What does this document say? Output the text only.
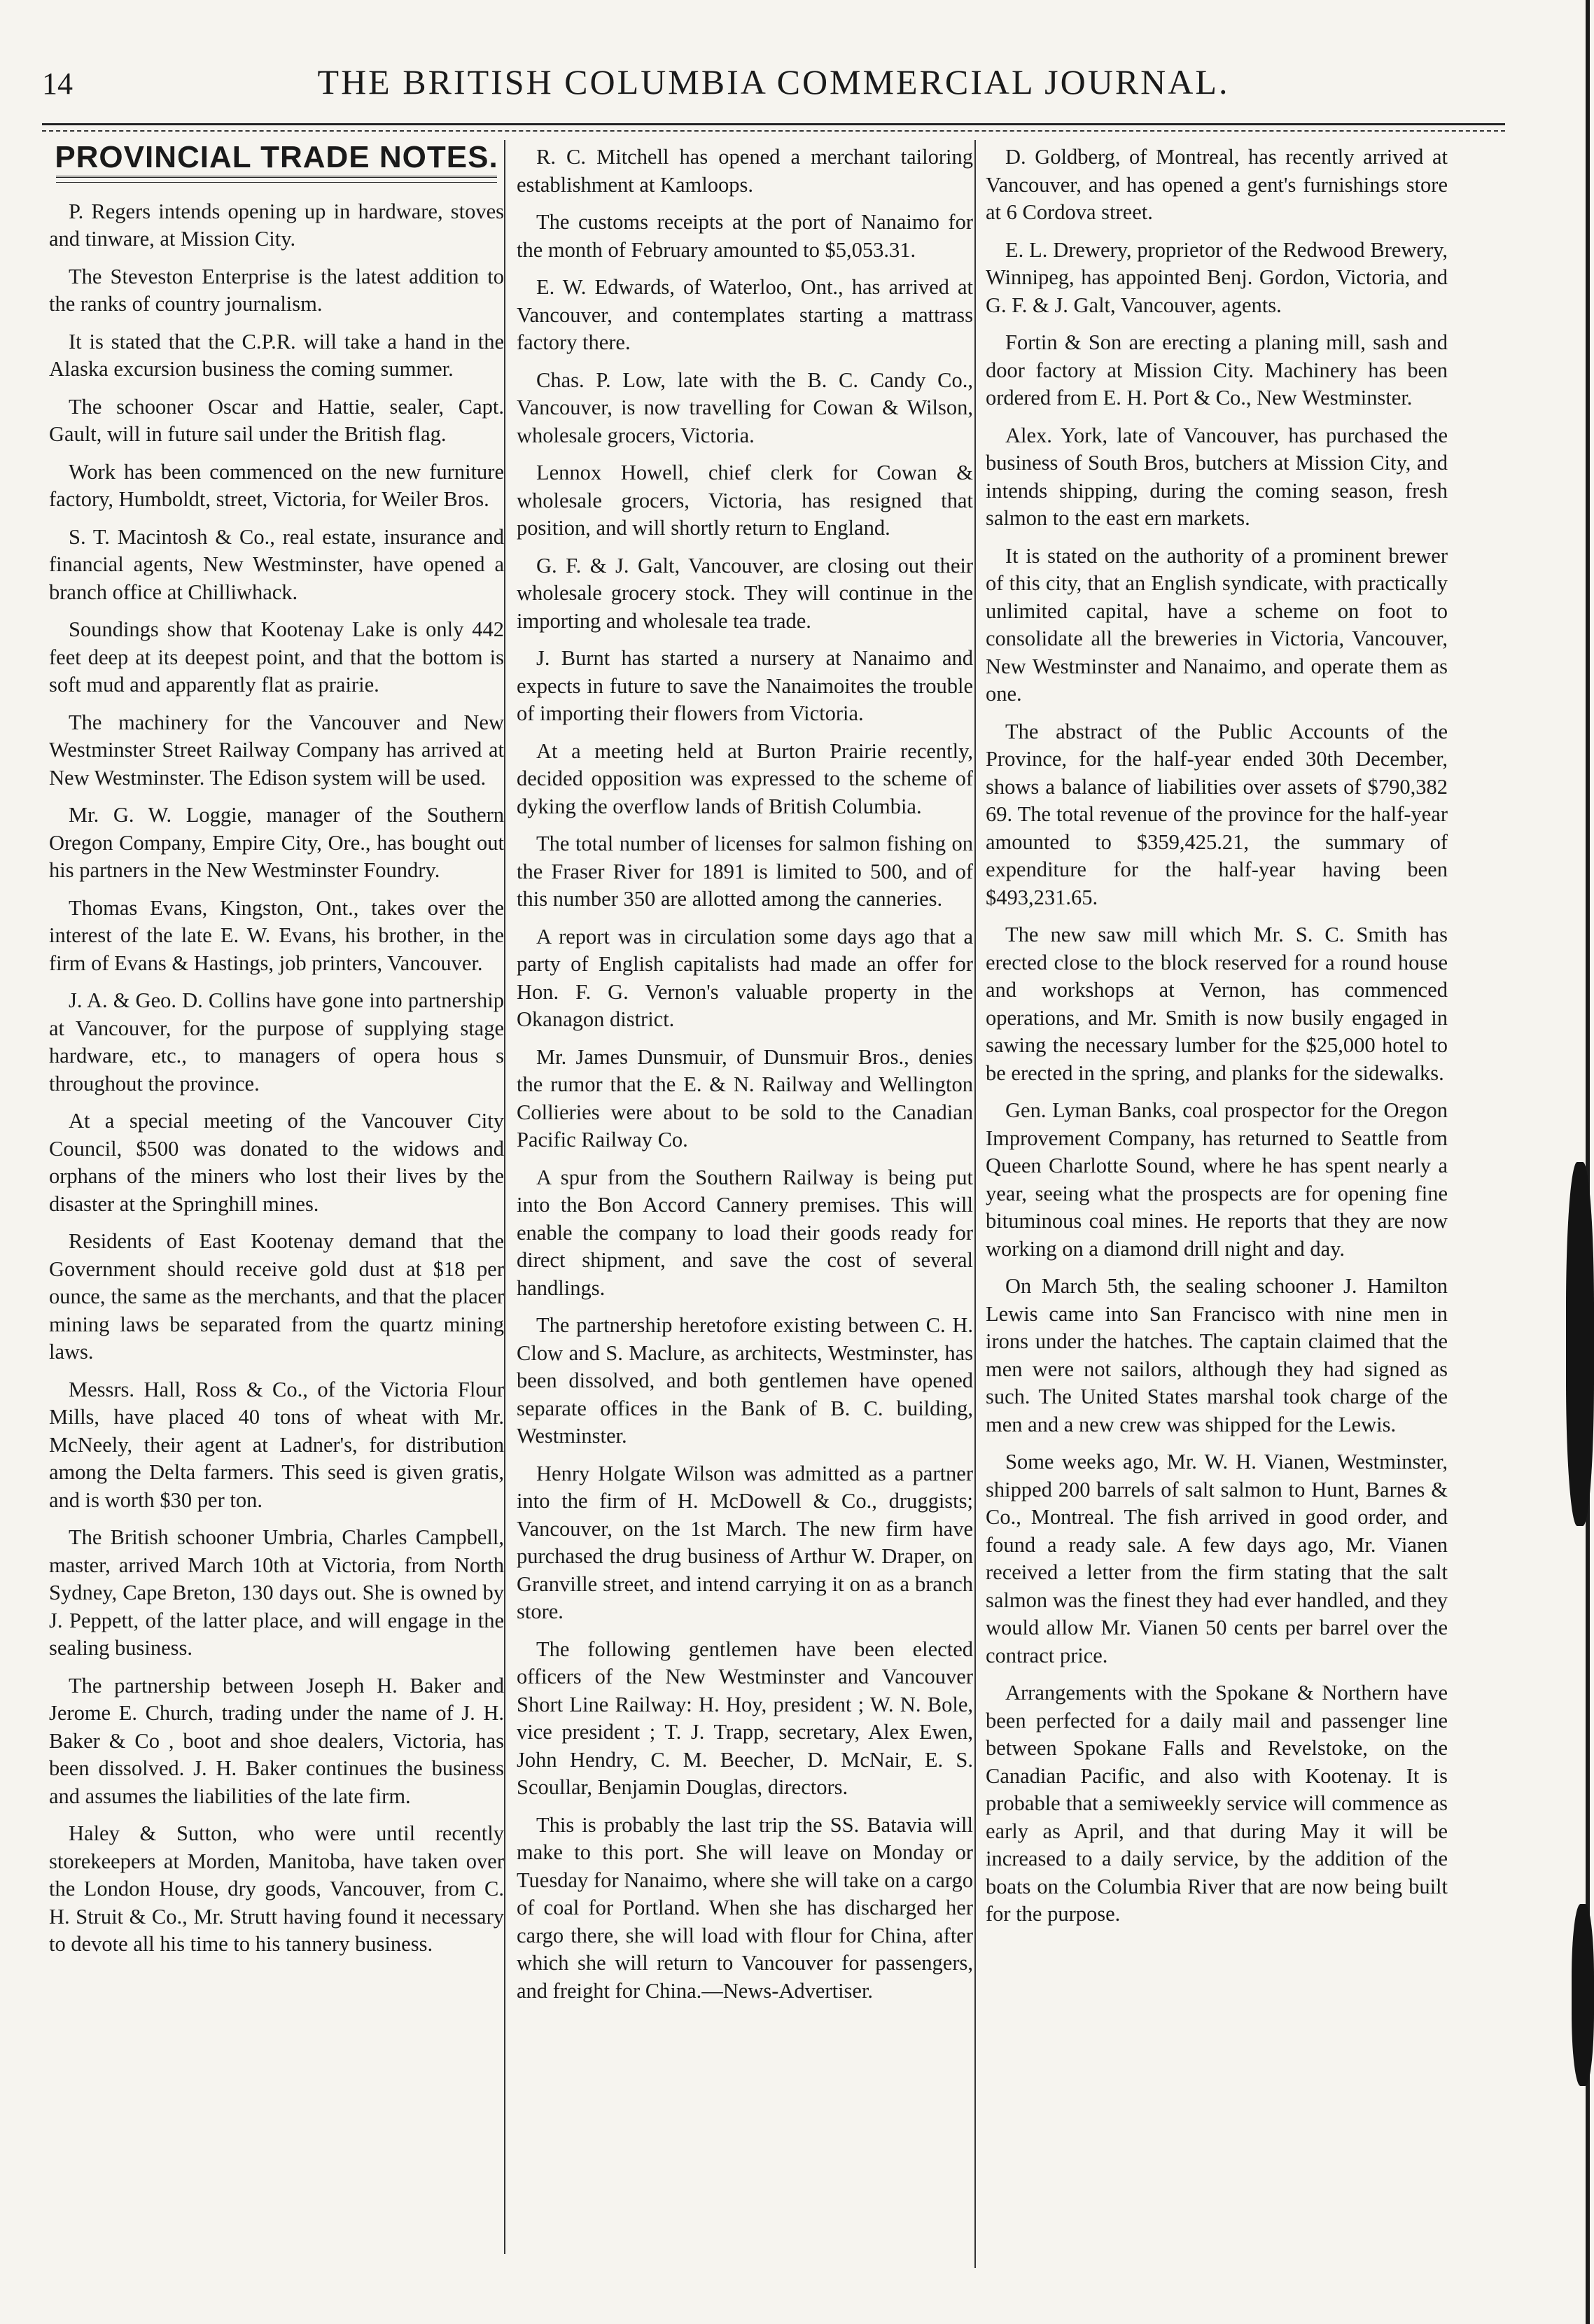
14	THE BRITISH COLUMBIA COMMERCIAL JOURNAL.
PROVINCIAL TRADE NOTES.

P. Regers intends opening up in hardware, stoves and tinware, at Mission City.

The Steveston Enterprise is the latest addition to the ranks of country journalism.

It is stated that the C.P.R. will take a hand in the Alaska excursion business the coming summer.

The schooner Oscar and Hattie, sealer, Capt. Gault, will in future sail under the British flag.

Work has been commenced on the new furniture factory, Humboldt, street, Victoria, for Weiler Bros.

S. T. Macintosh & Co., real estate, insurance and financial agents, New Westminster, have opened a branch office at Chilliwhack.

Soundings show that Kootenay Lake is only 442 feet deep at its deepest point, and that the bottom is soft mud and apparently flat as prairie.

The machinery for the Vancouver and New Westminster Street Railway Company has arrived at New Westminster. The Edison system will be used.

Mr. G. W. Loggie, manager of the Southern Oregon Company, Empire City, Ore., has bought out his partners in the New Westminster Foundry.

Thomas Evans, Kingston, Ont., takes over the interest of the late E. W. Evans, his brother, in the firm of Evans & Hastings, job printers, Vancouver.

J. A. & Geo. D. Collins have gone into partnership at Vancouver, for the purpose of supplying stage hardware, etc., to managers of opera hous s throughout the province.

At a special meeting of the Vancouver City Council, $500 was donated to the widows and orphans of the miners who lost their lives by the disaster at the Springhill mines.

Residents of East Kootenay demand that the Government should receive gold dust at $18 per ounce, the same as the merchants, and that the placer mining laws be separated from the quartz mining laws.

Messrs. Hall, Ross & Co., of the Victoria Flour Mills, have placed 40 tons of wheat with Mr. McNeely, their agent at Ladner's, for distribution among the Delta farmers. This seed is given gratis, and is worth $30 per ton.

The British schooner Umbria, Charles Campbell, master, arrived March 10th at Victoria, from North Sydney, Cape Breton, 130 days out. She is owned by J. Peppett, of the latter place, and will engage in the sealing business.

The partnership between Joseph H. Baker and Jerome E. Church, trading under the name of J. H. Baker & Co , boot and shoe dealers, Victoria, has been dissolved. J. H. Baker continues the business and assumes the liabilities of the late firm.

Haley & Sutton, who were until recently storekeepers at Morden, Manitoba, have taken over the London House, dry goods, Vancouver, from C. H. Struit & Co., Mr. Strutt having found it necessary to devote all his time to his tannery business.

R. C. Mitchell has opened a merchant tailoring establishment at Kamloops.

The customs receipts at the port of Nanaimo for the month of February amounted to $5,053.31.

E. W. Edwards, of Waterloo, Ont., has arrived at Vancouver, and contemplates starting a mattrass factory there.

Chas. P. Low, late with the B. C. Candy Co., Vancouver, is now travelling for Cowan & Wilson, wholesale grocers, Victoria.

Lennox Howell, chief clerk for Cowan & wholesale grocers, Victoria, has resigned that position, and will shortly return to England.

G. F. & J. Galt, Vancouver, are closing out their wholesale grocery stock. They will continue in the importing and wholesale tea trade.

J. Burnt has started a nursery at Nanaimo and expects in future to save the Nanaimoites the trouble of importing their flowers from Victoria.

At a meeting held at Burton Prairie recently, decided opposition was expressed to the scheme of dyking the overflow lands of British Columbia.

The total number of licenses for salmon fishing on the Fraser River for 1891 is limited to 500, and of this number 350 are allotted among the canneries.

A report was in circulation some days ago that a party of English capitalists had made an offer for Hon. F. G. Vernon's valuable property in the Okanagon district.

Mr. James Dunsmuir, of Dunsmuir Bros., denies the rumor that the E. & N. Railway and Wellington Collieries were about to be sold to the Canadian Pacific Railway Co.

A spur from the Southern Railway is being put into the Bon Accord Cannery premises. This will enable the company to load their goods ready for direct shipment, and save the cost of several handlings.

The partnership heretofore existing between C. H. Clow and S. Maclure, as architects, Westminster, has been dissolved, and both gentlemen have opened separate offices in the Bank of B. C. building, Westminster.

Henry Holgate Wilson was admitted as a partner into the firm of H. McDowell & Co., druggists; Vancouver, on the 1st March. The new firm have purchased the drug business of Arthur W. Draper, on Granville street, and intend carrying it on as a branch store.

The following gentlemen have been elected officers of the New Westminster and Vancouver Short Line Railway: H. Hoy, president ; W. N. Bole, vice president ; T. J. Trapp, secretary, Alex Ewen, John Hendry, C. M. Beecher, D. McNair, E. S. Scoullar, Benjamin Douglas, directors.

This is probably the last trip the SS. Batavia will make to this port. She will leave on Monday or Tuesday for Nanaimo, where she will take on a cargo of coal for Portland. When she has discharged her cargo there, she will load with flour for China, after which she will return to Vancouver for passengers, and freight for China.—News-Advertiser.

D. Goldberg, of Montreal, has recently arrived at Vancouver, and has opened a gent's furnishings store at 6 Cordova street.

E. L. Drewery, proprietor of the Redwood Brewery, Winnipeg, has appointed Benj. Gordon, Victoria, and G. F. & J. Galt, Vancouver, agents.

Fortin & Son are erecting a planing mill, sash and door factory at Mission City. Machinery has been ordered from E. H. Port & Co., New Westminster.

Alex. York, late of Vancouver, has purchased the business of South Bros, butchers at Mission City, and intends shipping, during the coming season, fresh salmon to the east ern markets.

It is stated on the authority of a prominent brewer of this city, that an English syndicate, with practically unlimited capital, have a scheme on foot to consolidate all the breweries in Victoria, Vancouver, New Westminster and Nanaimo, and operate them as one.

The abstract of the Public Accounts of the Province, for the half-year ended 30th December, shows a balance of liabilities over assets of $790,382 69. The total revenue of the province for the half-year amounted to $359,425.21, the summary of expenditure for the half-year having been $493,231.65.

The new saw mill which Mr. S. C. Smith has erected close to the block reserved for a round house and workshops at Vernon, has commenced operations, and Mr. Smith is now busily engaged in sawing the necessary lumber for the $25,000 hotel to be erected in the spring, and planks for the sidewalks.

Gen. Lyman Banks, coal prospector for the Oregon Improvement Company, has returned to Seattle from Queen Charlotte Sound, where he has spent nearly a year, seeing what the prospects are for opening fine bituminous coal mines. He reports that they are now working on a diamond drill night and day.

On March 5th, the sealing schooner J. Hamilton Lewis came into San Francisco with nine men in irons under the hatches. The captain claimed that the men were not sailors, although they had signed as such. The United States marshal took charge of the men and a new crew was shipped for the Lewis.

Some weeks ago, Mr. W. H. Vianen, Westminster, shipped 200 barrels of salt salmon to Hunt, Barnes & Co., Montreal. The fish arrived in good order, and found a ready sale. A few days ago, Mr. Vianen received a letter from the firm stating that the salt salmon was the finest they had ever handled, and they would allow Mr. Vianen 50 cents per barrel over the contract price.

Arrangements with the Spokane & Northern have been perfected for a daily mail and passenger line between Spokane Falls and Revelstoke, on the Canadian Pacific, and also with Kootenay. It is probable that a semiweekly service will commence as early as April, and that during May it will be increased to a daily service, by the addition of the boats on the Columbia River that are now being built for the purpose.
